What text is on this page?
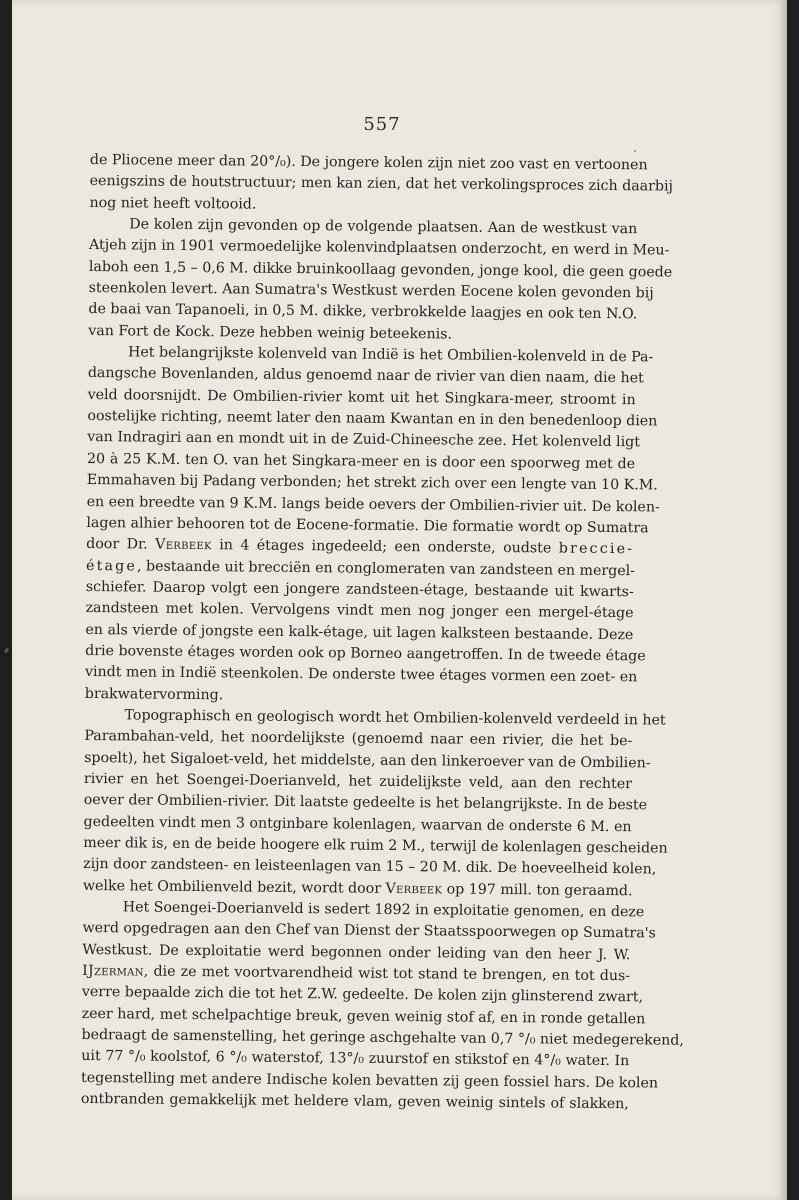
557
de Pliocene meer dan 20°/₀). De jongere kolen zijn niet zoo vast en vertoonen
eenigszins de houtstructuur; men kan zien, dat het verkolingsproces zich daarbij
nog niet heeft voltooid.
De kolen zijn gevonden op de volgende plaatsen. Aan de westkust van
Atjeh zijn in 1901 vermoedelijke kolenvindplaatsen onderzocht, en werd in Meu-
laboh een 1,5 – 0,6 M. dikke bruinkoollaag gevonden, jonge kool, die geen goede
steenkolen levert. Aan Sumatra's Westkust werden Eocene kolen gevonden bij
de baai van Tapanoeli, in 0,5 M. dikke, verbrokkelde laagjes en ook ten N.O.
van Fort de Kock. Deze hebben weinig beteekenis.
Het belangrijkste kolenveld van Indië is het Ombilien-kolenveld in de Pa-
dangsche Bovenlanden, aldus genoemd naar de rivier van dien naam, die het
veld doorsnijdt. De Ombilien-rivier komt uit het Singkara-meer, stroomt in
oostelijke richting, neemt later den naam Kwantan en in den benedenloop dien
van Indragiri aan en mondt uit in de Zuid-Chineesche zee. Het kolenveld ligt
20 à 25 K.M. ten O. van het Singkara-meer en is door een spoorweg met de
Emmahaven bij Padang verbonden; het strekt zich over een lengte van 10 K.M.
en een breedte van 9 K.M. langs beide oevers der Ombilien-rivier uit. De kolen-
lagen alhier behooren tot de Eocene-formatie. Die formatie wordt op Sumatra
door Dr. Verbeek in 4 étages ingedeeld; een onderste, oudste breccie-
étage, bestaande uit brecciën en conglomeraten van zandsteen en mergel-
schiefer. Daarop volgt een jongere zandsteen-étage, bestaande uit kwarts-
zandsteen met kolen. Vervolgens vindt men nog jonger een mergel-étage
en als vierde of jongste een kalk-étage, uit lagen kalksteen bestaande. Deze
drie bovenste étages worden ook op Borneo aangetroffen. In de tweede étage
vindt men in Indië steenkolen. De onderste twee étages vormen een zoet- en
brakwatervorming.
Topographisch en geologisch wordt het Ombilien-kolenveld verdeeld in het
Parambahan-veld, het noordelijkste (genoemd naar een rivier, die het be-
spoelt), het Sigaloet-veld, het middelste, aan den linkeroever van de Ombilien-
rivier en het Soengei-Doerianveld, het zuidelijkste veld, aan den rechter
oever der Ombilien-rivier. Dit laatste gedeelte is het belangrijkste. In de beste
gedeelten vindt men 3 ontginbare kolenlagen, waarvan de onderste 6 M. en
meer dik is, en de beide hoogere elk ruim 2 M., terwijl de kolenlagen gescheiden
zijn door zandsteen- en leisteenlagen van 15 – 20 M. dik. De hoeveelheid kolen,
welke het Ombilienveld bezit, wordt door Verbeek op 197 mill. ton geraamd.
Het Soengei-Doerianveld is sedert 1892 in exploitatie genomen, en deze
werd opgedragen aan den Chef van Dienst der Staatsspoorwegen op Sumatra's
Westkust. De exploitatie werd begonnen onder leiding van den heer J. W.
IJzerman, die ze met voortvarendheid wist tot stand te brengen, en tot dus-
verre bepaalde zich die tot het Z.W. gedeelte. De kolen zijn glinsterend zwart,
zeer hard, met schelpachtige breuk, geven weinig stof af, en in ronde getallen
bedraagt de samenstelling, het geringe aschgehalte van 0,7 °/₀ niet medegerekend,
uit 77 °/₀ koolstof, 6 °/₀ waterstof, 13°/₀ zuurstof en stikstof en 4°/₀ water. In
tegenstelling met andere Indische kolen bevatten zij geen fossiel hars. De kolen
ontbranden gemakkelijk met heldere vlam, geven weinig sintels of slakken,
